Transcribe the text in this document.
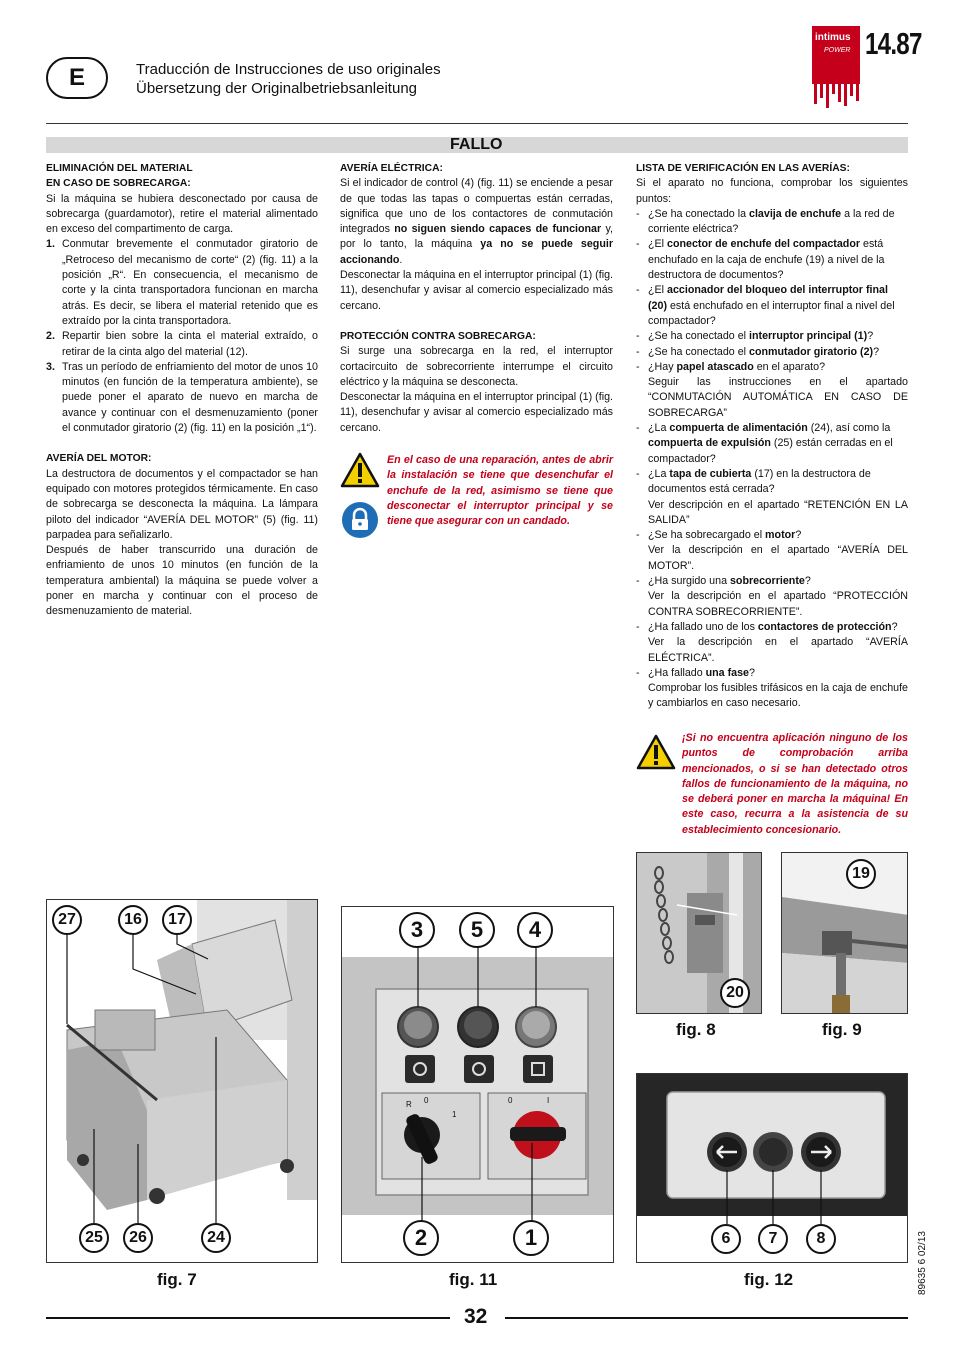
E	Traducción de Instrucciones de uso originales
Übersetzung der Originalbetriebsanleitung
intimus
POWER 14.87
FALLO

ELIMINACIÓN DEL MATERIAL

EN CASO DE SOBRECARGA:

Si la máquina se hubiera desconectado por causa de sobrecarga (guardamotor), retire el material alimentado en exceso del compartimento de carga.

1. Conmutar brevemente el conmutador giratorio de „Retroceso del mecanismo de corte“ (2) (fig. 11) a la posición „R“. En consecuencia, el mecanismo de corte y la cinta transportadora funcionan en marcha atrás. Es decir, se libera el material retenido que es extraído por la cinta transportadora.
2. Repartir bien sobre la cinta el material extraído, o retirar de la cinta algo del material (12).
3. Tras un período de enfriamiento del motor de unos 10 minutos (en función de la temperatura ambiente), se puede poner el aparato de nuevo en marcha de avance y continuar con el desmenuzamiento (poner el conmutador giratorio (2) (fig. 11) en la posición „1“).

AVERÍA DEL MOTOR:

La destructora de documentos y el compactador se han equipado con motores protegidos térmicamente. En caso de sobrecarga se desconecta la máquina. La lámpara piloto del indicador “AVERÍA DEL MOTOR” (5) (fig. 11) parpadea para señalizarlo.

Después de haber transcurrido una duración de enfriamiento de unos 10 minutos (en función de la temperatura ambiental) la máquina se puede volver a poner en marcha y continuar con el proceso de desmenuzamiento de material.

AVERÍA ELÉCTRICA:

Si el indicador de control (4) (fig. 11) se enciende a pesar de que todas las tapas o compuertas están cerradas, significa que uno de los contactores de conmutación integrados no siguen siendo capaces de funcionar y, por lo tanto, la máquina ya no se puede seguir accionando.

Desconectar la máquina en el interruptor principal (1) (fig. 11), desenchufar y avisar al comercio especializado más cercano.

PROTECCIÓN CONTRA SOBRECARGA:

Si surge una sobrecarga en la red, el interruptor cortacircuito de sobrecorriente interrumpe el circuito eléctrico y la máquina se desconecta.

Desconectar la máquina en el interruptor principal (1) (fig. 11), desenchufar y avisar al comercio especializado más cercano.

En el caso de una reparación, antes de abrir la instalación se tiene que desenchufar el enchufe de la red, asimismo se tiene que desconectar el interruptor principal y se tiene que asegurar con un candado.

LISTA DE VERIFICACIÓN EN LAS AVERÍAS:

Si el aparato no funciona, comprobar los siguientes puntos:

- ¿Se ha conectado la clavija de enchufe a la red de corriente eléctrica?
- ¿El conector de enchufe del compactador está enchufado en la caja de enchufe (19) a nivel de la destructora de documentos?
- ¿El accionador del bloqueo del interruptor final (20) está enchufado en el interruptor final a nivel del compactador?
- ¿Se ha conectado el interruptor principal (1)?
- ¿Se ha conectado el conmutador giratorio (2)?
- ¿Hay papel atascado en el aparato?
Seguir las instrucciones en el apartado “CONMUTACIÓN AUTOMÁTICA EN CASO DE SOBRECARGA”
- ¿La compuerta de alimentación (24), así como la compuerta de expulsión (25) están cerradas en el compactador?
- ¿La tapa de cubierta (17) en la destructora de documentos está cerrada?
Ver descripción en el apartado “RETENCIÓN EN LA SALIDA”
- ¿Se ha sobrecargado el motor?
Ver la descripción en el apartado “AVERÍA DEL MOTOR”.
- ¿Ha surgido una sobrecorriente?
Ver la descripción en el apartado “PROTECCIÓN CONTRA SOBRECORRIENTE”.
- ¿Ha fallado uno de los contactores de protección?
Ver la descripción en el apartado “AVERÍA ELÉCTRICA”.
- ¿Ha fallado una fase?
Comprobar los fusibles trifásicos en la caja de enchufe y cambiarlos en caso necesario.
¡Si no encuentra aplicación ninguno de los puntos de comprobación arriba mencionados, o si se han detectado otros fallos de funcionamiento de la máquina, no se deberá poner en marcha la máquina! En este caso, recurra a la asistencia de su establecimiento concesionario.
20
fig. 8
19
fig. 9
27	16	17
25	26	24
fig. 7
R 0
1
0	I
3	5	4
2	1
fig. 11
6	7	8
fig. 12	89635 6 02/13
32
